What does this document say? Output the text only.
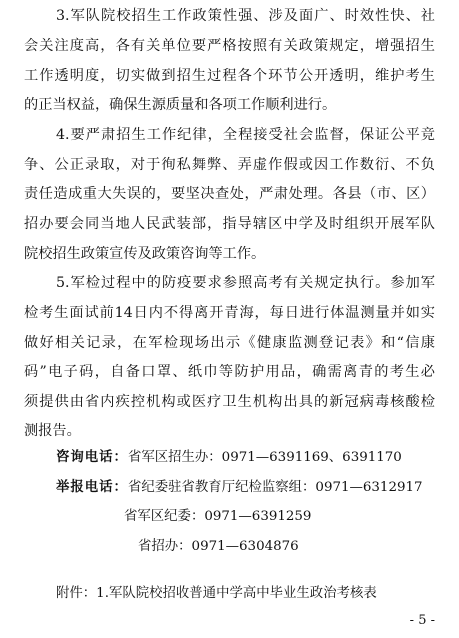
3.军队院校招生工作政策性强、涉及面广、时效性快、社
会关注度高，各有关单位要严格按照有关政策规定，增强招生
工作透明度，切实做到招生过程各个环节公开透明，维护考生
的正当权益，确保生源质量和各项工作顺利进行。
4.要严肃招生工作纪律，全程接受社会监督，保证公平竞
争、公正录取，对于徇私舞弊、弄虚作假或因工作数衍、不负
责任造成重大失误的，要坚决查处，严肃处理。各县（市、区）
招办要会同当地人民武装部，指导辖区中学及时组织开展军队
院校招生政策宣传及政策咨询等工作。
5.军检过程中的防疫要求参照高考有关规定执行。参加军
检考生面试前14日内不得离开青海，每日进行体温测量并如实
做好相关记录，在军检现场出示《健康监测登记表》和“信康
码”电子码，自备口罩、纸巾等防护用品，确需离青的考生必
须提供由省内疾控机构或医疗卫生机构出具的新冠病毒核酸检
测报告。
咨询电话：省军区招生办：0971—6391169、6391170
举报电话：省纪委驻省教育厅纪检监察组：0971—6312917
省军区纪委：0971—6391259
省招办：0971—6304876
附件：1.军队院校招收普通中学高中毕业生政治考核表
- 5 -
